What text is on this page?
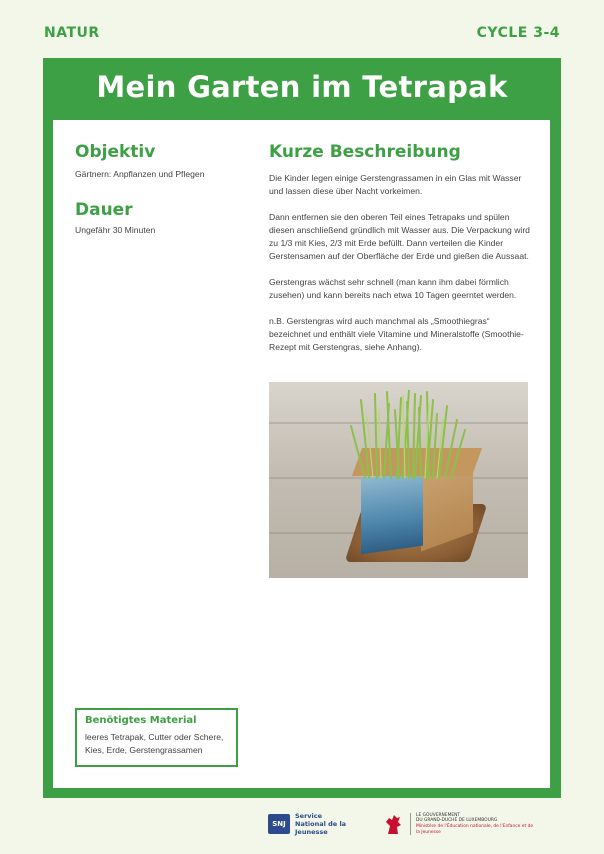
NATUR	CYCLE 3-4
Mein Garten im Tetrapak
Objektiv
Gärtnern: Anpflanzen und Pflegen
Dauer
Ungefähr 30 Minuten
Kurze Beschreibung

Die Kinder legen einige Gerstengrassamen in ein Glas mit Wasser und lassen diese über Nacht vorkeimen.

Dann entfernen sie den oberen Teil eines Tetrapaks und spülen diesen anschließend gründlich mit Wasser aus. Die Verpackung wird zu 1/3 mit Kies, 2/3 mit Erde befüllt. Dann verteilen die Kinder Gerstensamen auf der Oberfläche der Erde und gießen die Aussaat.

Gerstengras wächst sehr schnell (man kann ihm dabei förmlich zusehen) und kann bereits nach etwa 10 Tagen geerntet werden.

n.B. Gerstengras wird auch manchmal als „Smoothiegras“ bezeichnet und enthält viele Vitamine und Mineralstoffe (Smoothie-Rezept mit Gerstengras, siehe Anhang).

Benötigtes Material
leeres Tetrapak, Cutter oder Schere, Kies, Erde, Gerstengrassamen
SNJ
Service National de la Jeunesse
LE GOUVERNEMENT
DU GRAND-DUCHÉ DE LUXEMBOURG
Ministère de l'Éducation nationale, de l'Enfance et de la Jeunesse
